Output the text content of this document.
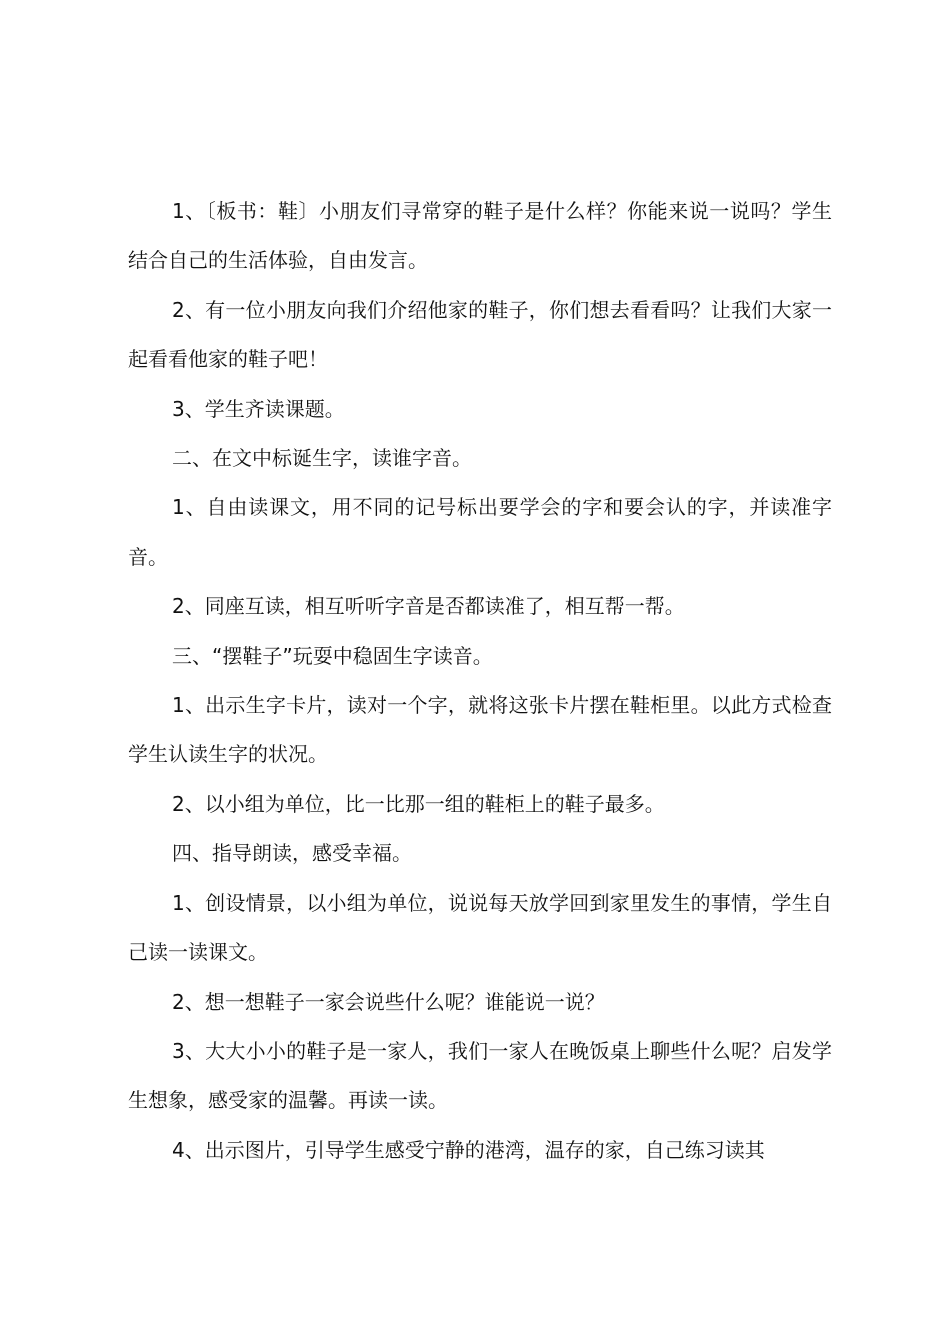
1、〔板书：鞋〕小朋友们寻常穿的鞋子是什么样？你能来说一说吗？学生结合自己的生活体验，自由发言。

2、有一位小朋友向我们介绍他家的鞋子，你们想去看看吗？让我们大家一起看看他家的鞋子吧！

3、学生齐读课题。

二、在文中标诞生字，读谁字音。

1、自由读课文，用不同的记号标出要学会的字和要会认的字，并读准字音。

2、同座互读，相互听听字音是否都读准了，相互帮一帮。

三、“摆鞋子”玩耍中稳固生字读音。

1、出示生字卡片，读对一个字，就将这张卡片摆在鞋柜里。以此方式检查学生认读生字的状况。

2、以小组为单位，比一比那一组的鞋柜上的鞋子最多。

四、指导朗读，感受幸福。

1、创设情景，以小组为单位，说说每天放学回到家里发生的事情，学生自己读一读课文。

2、想一想鞋子一家会说些什么呢？谁能说一说？

3、大大小小的鞋子是一家人，我们一家人在晚饭桌上聊些什么呢？启发学生想象，感受家的温馨。再读一读。

4、出示图片，引导学生感受宁静的港湾，温存的家，自己练习读其
